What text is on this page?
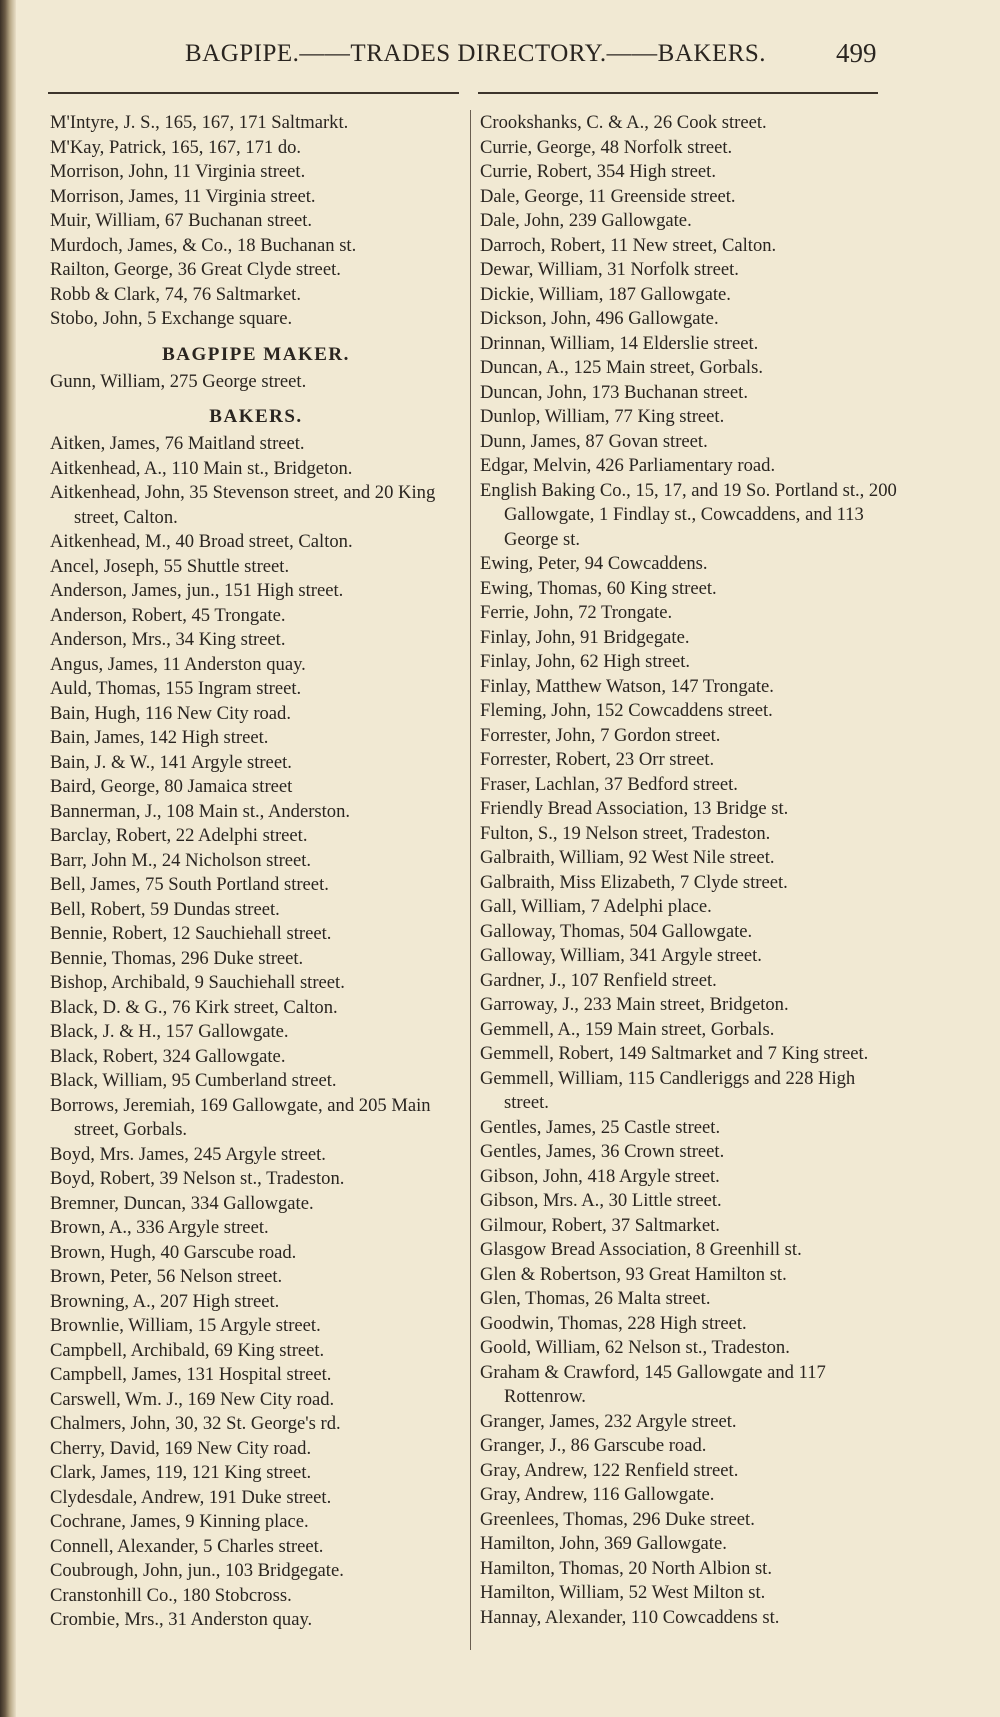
BAGPIPE.——TRADES DIRECTORY.——BAKERS.	499

M'Intyre, J. S., 165, 167, 171 Saltmarkt.

M'Kay, Patrick, 165, 167, 171 do.

Morrison, John, 11 Virginia street.

Morrison, James, 11 Virginia street.

Muir, William, 67 Buchanan street.

Murdoch, James, & Co., 18 Buchanan st.

Railton, George, 36 Great Clyde street.

Robb & Clark, 74, 76 Saltmarket.

Stobo, John, 5 Exchange square.

BAGPIPE MAKER.

Gunn, William, 275 George street.

BAKERS.

Aitken, James, 76 Maitland street.

Aitkenhead, A., 110 Main st., Bridgeton.

Aitkenhead, John, 35 Stevenson street, and 20 King street, Calton.

Aitkenhead, M., 40 Broad street, Calton.

Ancel, Joseph, 55 Shuttle street.

Anderson, James, jun., 151 High street.

Anderson, Robert, 45 Trongate.

Anderson, Mrs., 34 King street.

Angus, James, 11 Anderston quay.

Auld, Thomas, 155 Ingram street.

Bain, Hugh, 116 New City road.

Bain, James, 142 High street.

Bain, J. & W., 141 Argyle street.

Baird, George, 80 Jamaica street

Bannerman, J., 108 Main st., Anderston.

Barclay, Robert, 22 Adelphi street.

Barr, John M., 24 Nicholson street.

Bell, James, 75 South Portland street.

Bell, Robert, 59 Dundas street.

Bennie, Robert, 12 Sauchiehall street.

Bennie, Thomas, 296 Duke street.

Bishop, Archibald, 9 Sauchiehall street.

Black, D. & G., 76 Kirk street, Calton.

Black, J. & H., 157 Gallowgate.

Black, Robert, 324 Gallowgate.

Black, William, 95 Cumberland street.

Borrows, Jeremiah, 169 Gallowgate, and 205 Main street, Gorbals.

Boyd, Mrs. James, 245 Argyle street.

Boyd, Robert, 39 Nelson st., Tradeston.

Bremner, Duncan, 334 Gallowgate.

Brown, A., 336 Argyle street.

Brown, Hugh, 40 Garscube road.

Brown, Peter, 56 Nelson street.

Browning, A., 207 High street.

Brownlie, William, 15 Argyle street.

Campbell, Archibald, 69 King street.

Campbell, James, 131 Hospital street.

Carswell, Wm. J., 169 New City road.

Chalmers, John, 30, 32 St. George's rd.

Cherry, David, 169 New City road.

Clark, James, 119, 121 King street.

Clydesdale, Andrew, 191 Duke street.

Cochrane, James, 9 Kinning place.

Connell, Alexander, 5 Charles street.

Coubrough, John, jun., 103 Bridgegate.

Cranstonhill Co., 180 Stobcross.

Crombie, Mrs., 31 Anderston quay.

Crookshanks, C. & A., 26 Cook street.

Currie, George, 48 Norfolk street.

Currie, Robert, 354 High street.

Dale, George, 11 Greenside street.

Dale, John, 239 Gallowgate.

Darroch, Robert, 11 New street, Calton.

Dewar, William, 31 Norfolk street.

Dickie, William, 187 Gallowgate.

Dickson, John, 496 Gallowgate.

Drinnan, William, 14 Elderslie street.

Duncan, A., 125 Main street, Gorbals.

Duncan, John, 173 Buchanan street.

Dunlop, William, 77 King street.

Dunn, James, 87 Govan street.

Edgar, Melvin, 426 Parliamentary road.

English Baking Co., 15, 17, and 19 So. Portland st., 200 Gallowgate, 1 Findlay st., Cowcaddens, and 113 George st.

Ewing, Peter, 94 Cowcaddens.

Ewing, Thomas, 60 King street.

Ferrie, John, 72 Trongate.

Finlay, John, 91 Bridgegate.

Finlay, John, 62 High street.

Finlay, Matthew Watson, 147 Trongate.

Fleming, John, 152 Cowcaddens street.

Forrester, John, 7 Gordon street.

Forrester, Robert, 23 Orr street.

Fraser, Lachlan, 37 Bedford street.

Friendly Bread Association, 13 Bridge st.

Fulton, S., 19 Nelson street, Tradeston.

Galbraith, William, 92 West Nile street.

Galbraith, Miss Elizabeth, 7 Clyde street.

Gall, William, 7 Adelphi place.

Galloway, Thomas, 504 Gallowgate.

Galloway, William, 341 Argyle street.

Gardner, J., 107 Renfield street.

Garroway, J., 233 Main street, Bridgeton.

Gemmell, A., 159 Main street, Gorbals.

Gemmell, Robert, 149 Saltmarket and 7 King street.

Gemmell, William, 115 Candleriggs and 228 High street.

Gentles, James, 25 Castle street.

Gentles, James, 36 Crown street.

Gibson, John, 418 Argyle street.

Gibson, Mrs. A., 30 Little street.

Gilmour, Robert, 37 Saltmarket.

Glasgow Bread Association, 8 Greenhill st.

Glen & Robertson, 93 Great Hamilton st.

Glen, Thomas, 26 Malta street.

Goodwin, Thomas, 228 High street.

Goold, William, 62 Nelson st., Tradeston.

Graham & Crawford, 145 Gallowgate and 117 Rottenrow.

Granger, James, 232 Argyle street.

Granger, J., 86 Garscube road.

Gray, Andrew, 122 Renfield street.

Gray, Andrew, 116 Gallowgate.

Greenlees, Thomas, 296 Duke street.

Hamilton, John, 369 Gallowgate.

Hamilton, Thomas, 20 North Albion st.

Hamilton, William, 52 West Milton st.

Hannay, Alexander, 110 Cowcaddens st.
